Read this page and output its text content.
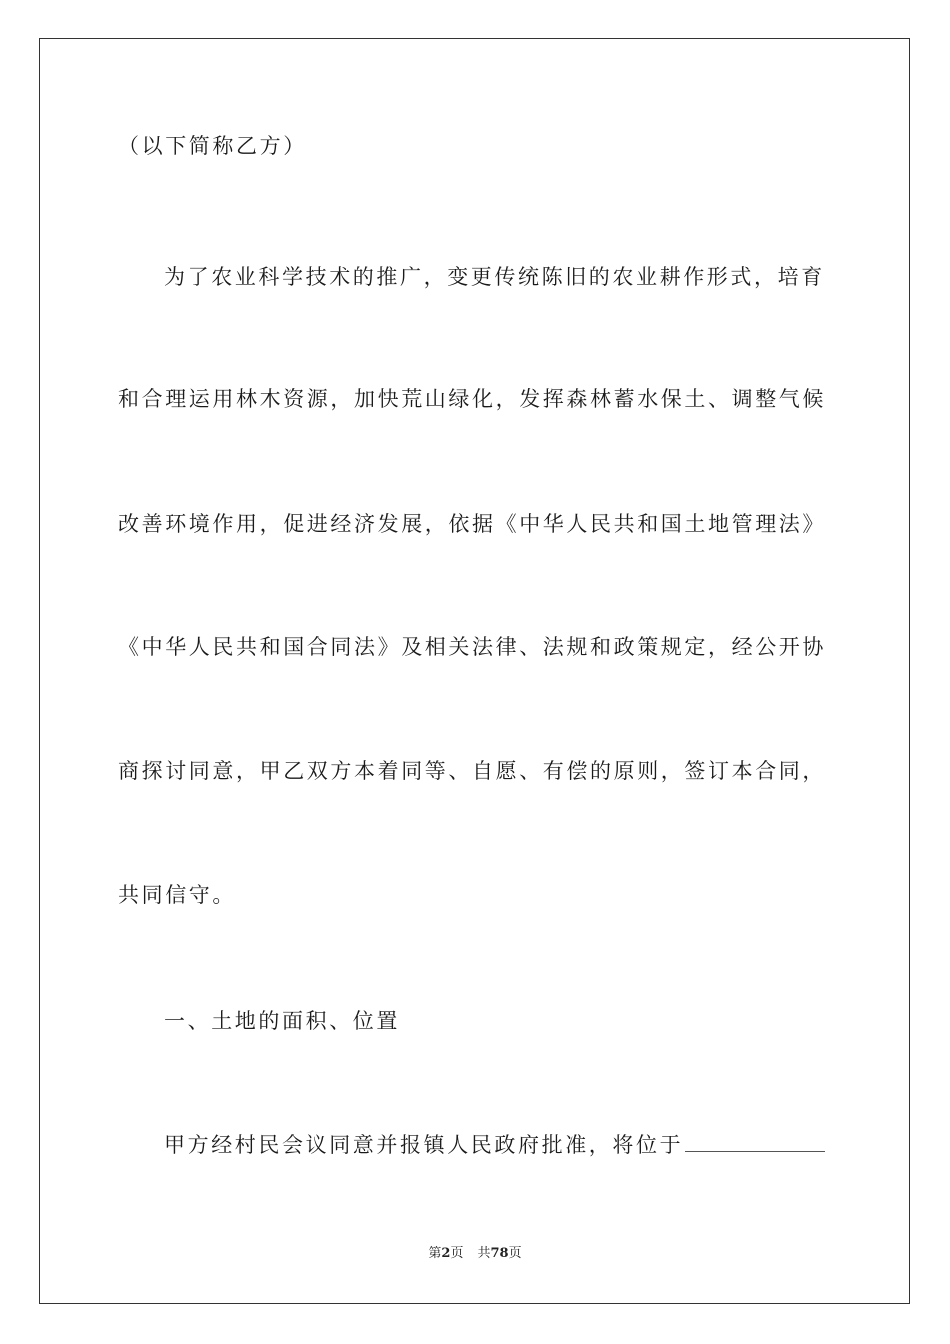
（以下简称乙方）
为了农业科学技术的推广，变更传统陈旧的农业耕作形式，培育
和合理运用林木资源，加快荒山绿化，发挥森林蓄水保土、调整气候
改善环境作用，促进经济发展，依据《中华人民共和国土地管理法》
《中华人民共和国合同法》及相关法律、法规和政策规定，经公开协
商探讨同意，甲乙双方本着同等、自愿、有偿的原则，签订本合同，
共同信守。
一、土地的面积、位置
甲方经村民会议同意并报镇人民政府批准，将位于
第2页 共78页
